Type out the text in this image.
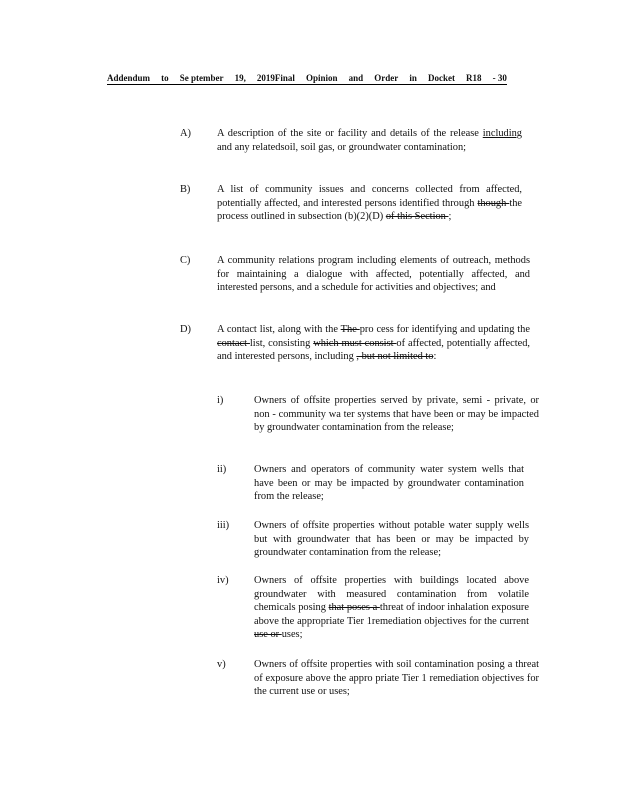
Addendum to Se ptember 19, 2019Final Opinion and Order in Docket R18 - 30
A)	A description of the site or facility and details of the release including and any relatedsoil, soil gas, or groundwater contamination;
B)	A list of community issues and concerns collected from affected, potentially affected, and interested persons identified through though the process outlined in subsection (b)(2)(D) of this Section ;
C)	A community relations program including elements of outreach, methods for maintaining a dialogue with affected, potentially affected, and interested persons, and a schedule for activities and objectives; and
D)	A contact list, along with the The pro cess for identifying and updating the contact list, consisting which must consist of affected, potentially affected, and interested persons, including , but not limited to:
i)	Owners of offsite properties served by private, semi - private, or non - community wa ter systems that have been or may be impacted by groundwater contamination from the release;
ii)	Owners and operators of community water system wells that have been or may be impacted by groundwater contamination from the release;
iii) Owners of offsite properties without potable water supply wells but with groundwater that has been or may be impacted by groundwater contamination from the release;
iv) Owners of offsite properties with buildings located above groundwater with measured contamination from volatile chemicals posing that poses a threat of indoor inhalation exposure above the appropriate Tier 1remediation objectives for the current use or uses;
v)	Owners of offsite properties with soil contamination posing a threat of exposure above the appro priate Tier 1 remediation objectives for the current use or uses;
